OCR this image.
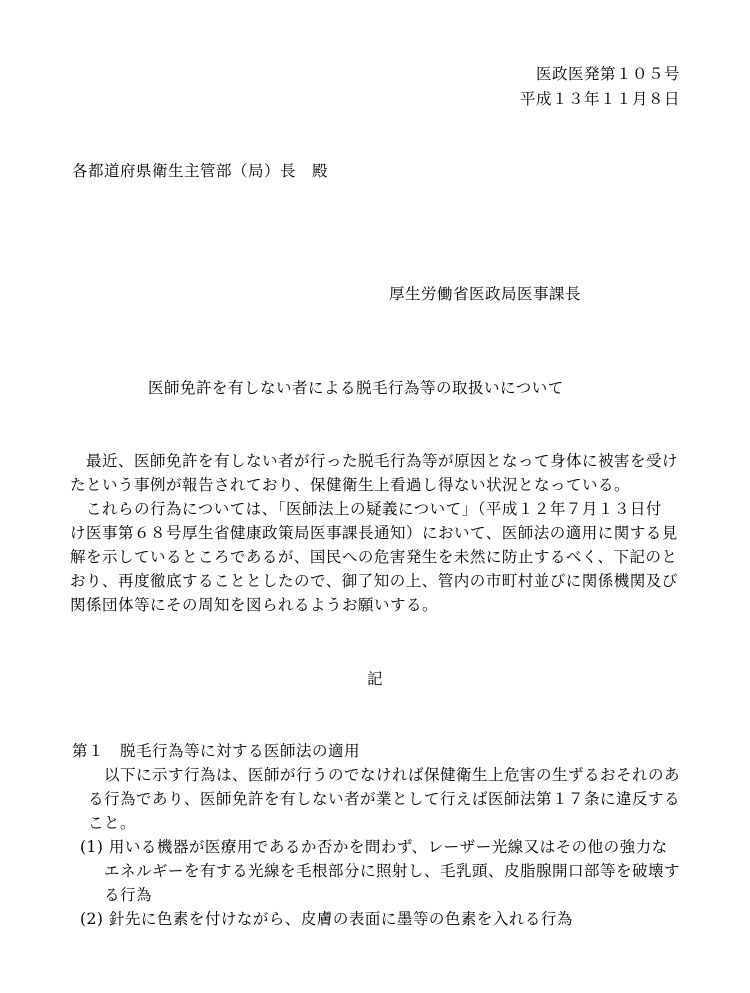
医政医発第１０５号
平成１３年１１月８日
各都道府県衛生主管部（局）長　殿
厚生労働省医政局医事課長
医師免許を有しない者による脱毛行為等の取扱いについて
最近、医師免許を有しない者が行った脱毛行為等が原因となって身体に被害を受け
たという事例が報告されており、保健衛生上看過し得ない状況となっている。
これらの行為については、「医師法上の疑義について」（平成１２年７月１３日付
け医事第６８号厚生省健康政策局医事課長通知）において、医師法の適用に関する見
解を示しているところであるが、国民への危害発生を未然に防止するべく、下記のと
おり、再度徹底することとしたので、御了知の上、管内の市町村並びに関係機関及び
関係団体等にその周知を図られるようお願いする。
記
第１　脱毛行為等に対する医師法の適用
以下に示す行為は、医師が行うのでなければ保健衛生上危害の生ずるおそれのあ
る行為であり、医師免許を有しない者が業として行えば医師法第１７条に違反する
こと。
(1) 用いる機器が医療用であるか否かを問わず、レーザー光線又はその他の強力な
エネルギーを有する光線を毛根部分に照射し、毛乳頭、皮脂腺開口部等を破壊す
る行為
(2) 針先に色素を付けながら、皮膚の表面に墨等の色素を入れる行為
